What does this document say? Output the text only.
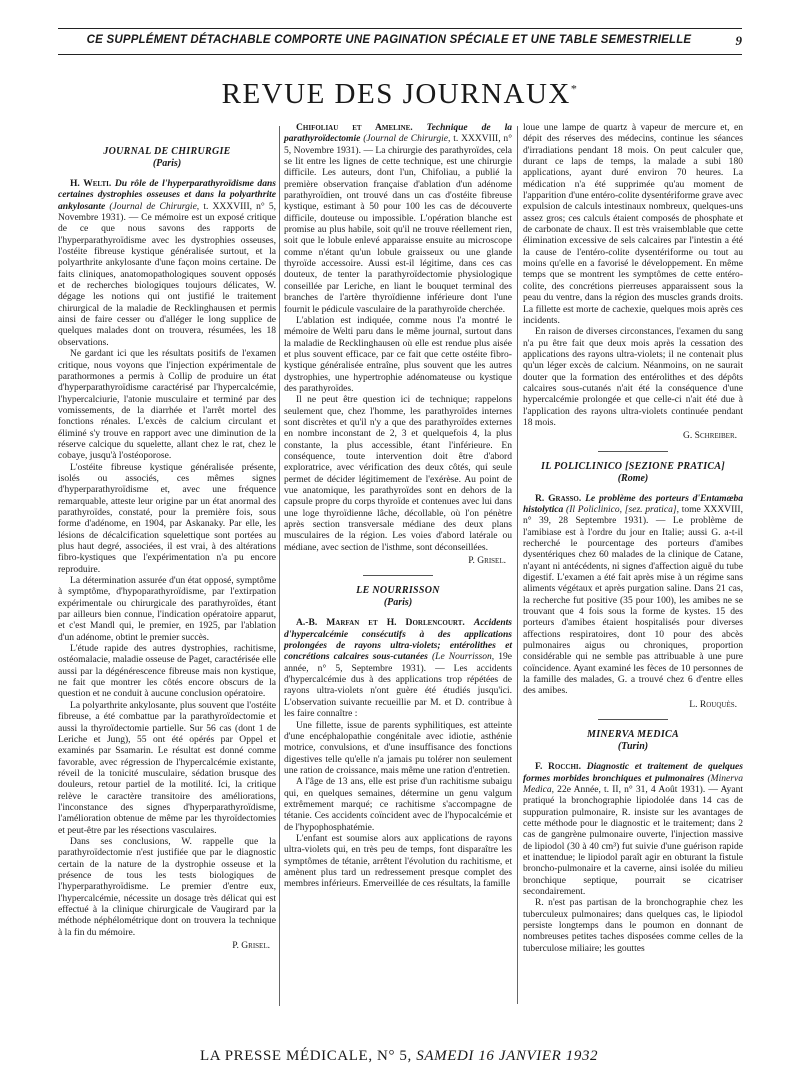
CE SUPPLÉMENT DÉTACHABLE COMPORTE UNE PAGINATION SPÉCIALE ET UNE TABLE SEMESTRIELLE	9
REVUE DES JOURNAUX*
JOURNAL DE CHIRURGIE
(Paris)

H. Welti. Du rôle de l'hyperparathyroïdisme dans certaines dystrophies osseuses et dans la polyarthrite ankylosante (Journal de Chirurgie, t. XXXVIII, n° 5, Novembre 1931). — Ce mémoire est un exposé critique de ce que nous savons des rapports de l'hyperparathyroïdisme avec les dystrophies osseuses, l'ostéite fibreuse kystique généralisée surtout, et la polyarthrite ankylosante d'une façon moins certaine. De faits cliniques, anatomopathologiques souvent opposés et de recherches biologiques toujours délicates, W. dégage les notions qui ont justifié le traitement chirurgical de la maladie de Recklinghausen et permis ainsi de faire cesser ou d'alléger le long supplice de quelques malades dont on trouvera, résumées, les 18 observations.

Ne gardant ici que les résultats positifs de l'examen critique, nous voyons que l'injection expérimentale de parathormones a permis à Collip de produire un état d'hyperparathyroïdisme caractérisé par l'hypercalcémie, l'hypercalciurie, l'atonie musculaire et terminé par des vomissements, de la diarrhée et l'arrêt mortel des fonctions rénales. L'excès de calcium circulant et éliminé s'y trouve en rapport avec une diminution de la réserve calcique du squelette, allant chez le rat, chez le cobaye, jusqu'à l'ostéoporose.

L'ostéite fibreuse kystique généralisée présente, isolés ou associés, ces mêmes signes d'hyperparathyroïdisme et, avec une fréquence remarquable, atteste leur origine par un état anormal des parathyroïdes, constaté, pour la première fois, sous forme d'adénome, en 1904, par Askanaky. Par elle, les lésions de décalcification squelettique sont portées au plus haut degré, associées, il est vrai, à des altérations fibro-kystiques que l'expérimentation n'a pu encore reproduire.

La détermination assurée d'un état opposé, symptôme à symptôme, d'hypoparathyroïdisme, par l'extirpation expérimentale ou chirurgicale des parathyroïdes, étant par ailleurs bien connue, l'indication opératoire apparut, et c'est Mandl qui, le premier, en 1925, par l'ablation d'un adénome, obtint le premier succès.

L'étude rapide des autres dystrophies, rachitisme, ostéomalacie, maladie osseuse de Paget, caractérisée elle aussi par la dégénérescence fibreuse mais non kystique, ne fait que montrer les côtés encore obscurs de la question et ne conduit à aucune conclusion opératoire.

La polyarthrite ankylosante, plus souvent que l'ostéite fibreuse, a été combattue par la parathyroïdectomie et aussi la thyroïdectomie partielle. Sur 56 cas (dont 1 de Leriche et Jung), 55 ont été opérés par Oppel et examinés par Ssamarin. Le résultat est donné comme favorable, avec régression de l'hypercalcémie existante, réveil de la tonicité musculaire, sédation brusque des douleurs, retour partiel de la motilité. Ici, la critique relève le caractère transitoire des améliorations, l'inconstance des signes d'hyperparathyroïdisme, l'amélioration obtenue de même par les thyroïdectomies et peut-être par les résections vasculaires.

Dans ses conclusions, W. rappelle que la parathyroïdectomie n'est justifiée que par le diagnostic certain de la nature de la dystrophie osseuse et la présence de tous les tests biologiques de l'hyperparathyroïdisme. Le premier d'entre eux, l'hypercalcémie, nécessite un dosage très délicat qui est effectué à la clinique chirurgicale de Vaugirard par la méthode néphélométrique dont on trouvera la technique à la fin du mémoire.

P. Grisel.

Chifoliau et Ameline. Technique de la parathyroïdectomie (Journal de Chirurgie, t. XXXVIII, n° 5, Novembre 1931). — La chirurgie des parathyroïdes, cela se lit entre les lignes de cette technique, est une chirurgie difficile. Les auteurs, dont l'un, Chifoliau, a publié la première observation française d'ablation d'un adénome parathyroïdien, ont trouvé dans un cas d'ostéite fibreuse kystique, estimant à 50 pour 100 les cas de découverte difficile, douteuse ou impossible. L'opération blanche est promise au plus habile, soit qu'il ne trouve réellement rien, soit que le lobule enlevé apparaisse ensuite au microscope comme n'étant qu'un lobule graisseux ou une glande thyroïde accessoire. Aussi est-il légitime, dans ces cas douteux, de tenter la parathyroïdectomie physiologique conseillée par Leriche, en liant le bouquet terminal des branches de l'artère thyroïdienne inférieure dont l'une fournit le pédicule vasculaire de la parathyroïde cherchée.

L'ablation est indiquée, comme nous l'a montré le mémoire de Welti paru dans le même journal, surtout dans la maladie de Recklinghausen où elle est rendue plus aisée et plus souvent efficace, par ce fait que cette ostéite fibro-kystique généralisée entraîne, plus souvent que les autres dystrophies, une hypertrophie adénomateuse ou kystique des parathyroïdes.

Il ne peut être question ici de technique; rappelons seulement que, chez l'homme, les parathyroïdes internes sont discrètes et qu'il n'y a que des parathyroïdes externes en nombre inconstant de 2, 3 et quelquefois 4, la plus constante, la plus accessible, étant l'inférieure. En conséquence, toute intervention doit être d'abord exploratrice, avec vérification des deux côtés, qui seule permet de décider légitimement de l'exérèse. Au point de vue anatomique, les parathyroïdes sont en dehors de la capsule propre du corps thyroïde et contenues avec lui dans une loge thyroïdienne lâche, décollable, où l'on pénètre après section transversale médiane des deux plans musculaires de la région. Les voies d'abord latérale ou médiane, avec section de l'isthme, sont déconseillées.

P. Grisel.
LE NOURRISSON
(Paris)

A.-B. Marfan et H. Dorlencourt. Accidents d'hypercalcémie consécutifs à des applications prolongées de rayons ultra-violets; entérolithes et concrétions calcaires sous-cutanées (Le Nourrisson, 19e année, n° 5, Septembre 1931). — Les accidents d'hypercalcémie dus à des applications trop répétées de rayons ultra-violets n'ont guère été étudiés jusqu'ici. L'observation suivante recueillie par M. et D. contribue à les faire connaître :

Une fillette, issue de parents syphilitiques, est atteinte d'une encéphalopathie congénitale avec idiotie, asthénie motrice, convulsions, et d'une insuffisance des fonctions digestives telle qu'elle n'a jamais pu tolérer non seulement une ration de croissance, mais même une ration d'entretien.

A l'âge de 13 ans, elle est prise d'un rachitisme subaigu qui, en quelques semaines, détermine un genu valgum extrêmement marqué; ce rachitisme s'accompagne de tétanie. Ces accidents coïncident avec de l'hypocalcémie et de l'hypophosphatémie.

L'enfant est soumise alors aux applications de rayons ultra-violets qui, en très peu de temps, font disparaître les symptômes de tétanie, arrêtent l'évolution du rachitisme, et amènent plus tard un redressement presque complet des membres inférieurs. Emerveillée de ces résultats, la famille

loue une lampe de quartz à vapeur de mercure et, en dépit des réserves des médecins, continue les séances d'irradiations pendant 18 mois. On peut calculer que, durant ce laps de temps, la malade a subi 180 applications, ayant duré environ 70 heures. La médication n'a été supprimée qu'au moment de l'apparition d'une entéro-colite dysentériforme grave avec expulsion de calculs intestinaux nombreux, quelques-uns assez gros; ces calculs étaient composés de phosphate et de carbonate de chaux. Il est très vraisemblable que cette élimination excessive de sels calcaires par l'intestin a été la cause de l'entéro-colite dysentériforme ou tout au moins qu'elle en a favorisé le développement. En même temps que se montrent les symptômes de cette entéro-colite, des concrétions pierreuses apparaissent sous la peau du ventre, dans la région des muscles grands droits. La fillette est morte de cachexie, quelques mois après ces incidents.

En raison de diverses circonstances, l'examen du sang n'a pu être fait que deux mois après la cessation des applications des rayons ultra-violets; il ne contenait plus qu'un léger excès de calcium. Néanmoins, on ne saurait douter que la formation des entérolithes et des dépôts calcaires sous-cutanés n'ait été la conséquence d'une hypercalcémie prolongée et que celle-ci n'ait été due à l'application des rayons ultra-violets continuée pendant 18 mois.

G. Schreiber.
IL POLICLINICO [SEZIONE PRATICA]
(Rome)

R. Grasso. Le problème des porteurs d'Entamœba histolytica (Il Policlinico, [sez. pratica], tome XXXVIII, n° 39, 28 Septembre 1931). — Le problème de l'amibiase est à l'ordre du jour en Italie; aussi G. a-t-il recherché le pourcentage des porteurs d'amibes dysentériques chez 60 malades de la clinique de Catane, n'ayant ni antécédents, ni signes d'affection aiguë du tube digestif. L'examen a été fait après mise à un régime sans aliments végétaux et après purgation saline. Dans 21 cas, la recherche fut positive (35 pour 100), les amibes ne se trouvant que 4 fois sous la forme de kystes. 15 des porteurs d'amibes étaient hospitalisés pour diverses affections respiratoires, dont 10 pour des abcès pulmonaires aigus ou chroniques, proportion considérable qui ne semble pas attribuable à une pure coïncidence. Ayant examiné les fèces de 10 personnes de la famille des malades, G. a trouvé chez 6 d'entre elles des amibes.

L. Rouquès.
MINERVA MEDICA
(Turin)

F. Rocchi. Diagnostic et traitement de quelques formes morbides bronchiques et pulmonaires (Minerva Medica, 22e Année, t. II, n° 31, 4 Août 1931). — Ayant pratiqué la bronchographie lipiodolée dans 14 cas de suppuration pulmonaire, R. insiste sur les avantages de cette méthode pour le diagnostic et le traitement; dans 2 cas de gangrène pulmonaire ouverte, l'injection massive de lipiodol (30 à 40 cm³) fut suivie d'une guérison rapide et inattendue; le lipiodol paraît agir en obturant la fistule broncho-pulmonaire et la caverne, ainsi isolée du milieu bronchique septique, pourrait se cicatriser secondairement.

R. n'est pas partisan de la bronchographie chez les tuberculeux pulmonaires; dans quelques cas, le lipiodol persiste longtemps dans le poumon en donnant de nombreuses petites taches disposées comme celles de la tuberculose miliaire; les gouttes

LA PRESSE MÉDICALE, N° 5, SAMEDI 16 JANVIER 1932
